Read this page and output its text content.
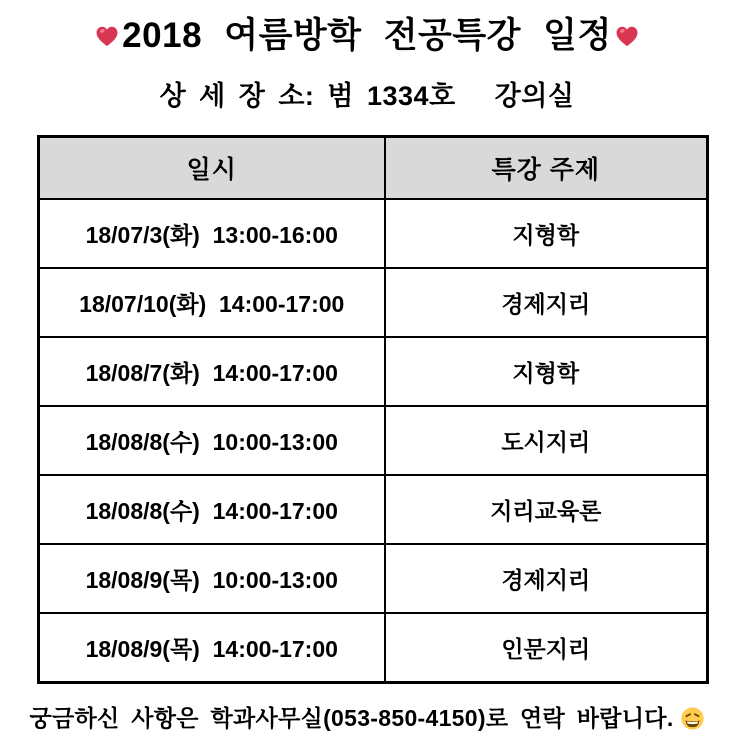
2018 여름방학 전공특강 일정
상 세 장 소: 범 1334호   강의실
일시	특강 주제
18/07/3(화)  13:00-16:00	지형학
18/07/10(화)  14:00-17:00	경제지리
18/08/7(화)  14:00-17:00	지형학
18/08/8(수)  10:00-13:00	도시지리
18/08/8(수)  14:00-17:00	지리교육론
18/08/9(목)  10:00-13:00	경제지리
18/08/9(목)  14:00-17:00	인문지리
궁금하신 사항은 학과사무실(053-850-4150)로 연락 바랍니다.
